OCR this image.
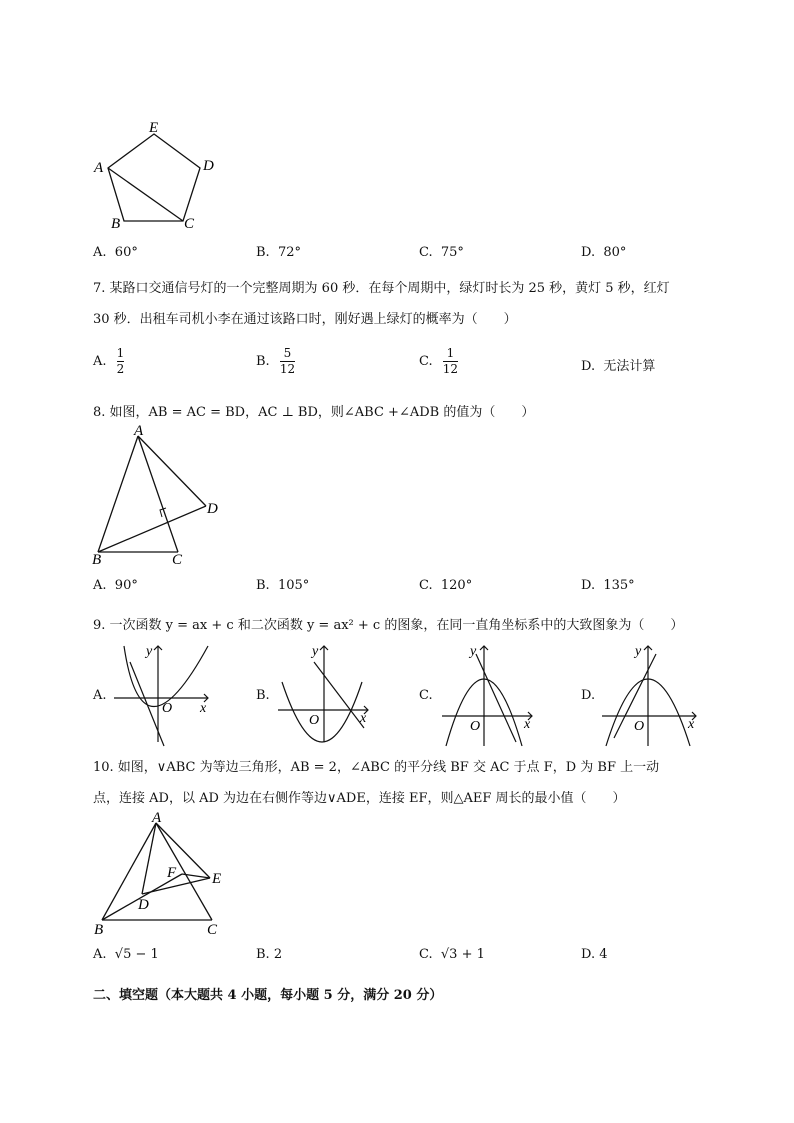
E
A	D
B	C
A. 60°	B. 72°	C. 75°	D. 80°
7. 某路口交通信号灯的一个完整周期为 60 秒．在每个周期中，绿灯时长为 25 秒，黄灯 5 秒，红灯
30 秒．出租车司机小李在通过该路口时，刚好遇上绿灯的概率为（　　）
A. $\frac{1}{2}$	B. $\frac{5}{12}$	C. $\frac{1}{12}$	D. 无法计算
8. 如图，AB = AC = BD，AC ⊥ BD，则∠ABC +∠ADB 的值为（　　）
A
B	C
D
A. 90°	B. 105°	C. 120°	D. 135°
9. 一次函数 y = ax + c 和二次函数 y = ax² + c 的图象，在同一直角坐标系中的大致图象为（　　）
A.
y
x
O
B.
y
x
O
C.
y
x
O
D.
y
x
O
10. 如图，∨ABC 为等边三角形，AB = 2，∠ABC 的平分线 BF 交 AC 于点 F，D 为 BF 上一动
点，连接 AD，以 AD 为边在右侧作等边∨ADE，连接 EF，则△AEF 周长的最小值（　　）
A
B	C
D
E
F
A. √5 − 1	B. 2	C. √3 + 1	D. 4
二、填空题（本大题共 4 小题，每小题 5 分，满分 20 分）
